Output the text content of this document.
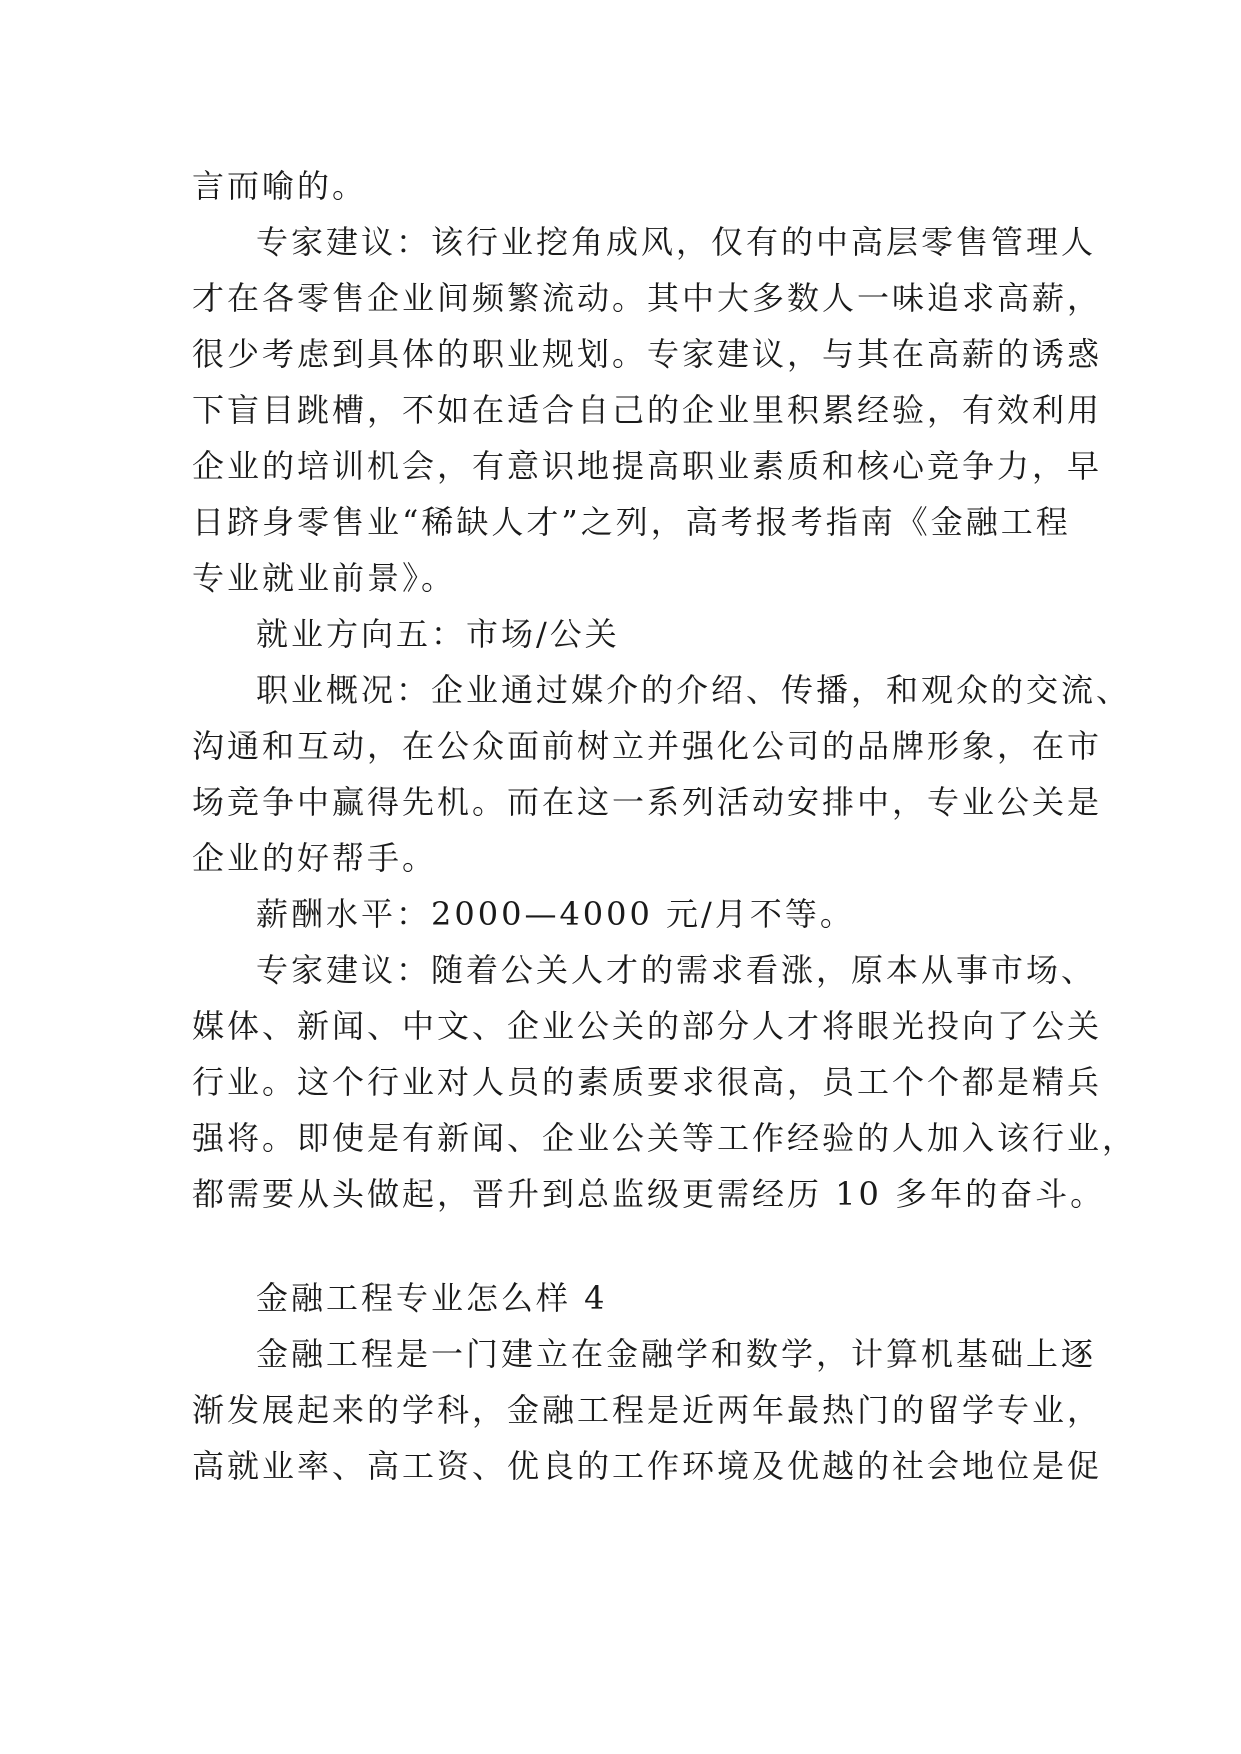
言而喻的。
专家建议：该行业挖角成风，仅有的中高层零售管理人
才在各零售企业间频繁流动。其中大多数人一味追求高薪，
很少考虑到具体的职业规划。专家建议，与其在高薪的诱惑
下盲目跳槽，不如在适合自己的企业里积累经验，有效利用
企业的培训机会，有意识地提高职业素质和核心竞争力，早
日跻身零售业“稀缺人才”之列，高考报考指南《金融工程
专业就业前景》。
就业方向五：市场/公关
职业概况：企业通过媒介的介绍、传播，和观众的交流、
沟通和互动，在公众面前树立并强化公司的品牌形象，在市
场竞争中赢得先机。而在这一系列活动安排中，专业公关是
企业的好帮手。
薪酬水平：2000—4000 元/月不等。
专家建议：随着公关人才的需求看涨，原本从事市场、
媒体、新闻、中文、企业公关的部分人才将眼光投向了公关
行业。这个行业对人员的素质要求很高，员工个个都是精兵
强将。即使是有新闻、企业公关等工作经验的人加入该行业，
都需要从头做起，晋升到总监级更需经历 10 多年的奋斗。
金融工程专业怎么样 4
金融工程是一门建立在金融学和数学，计算机基础上逐
渐发展起来的学科，金融工程是近两年最热门的留学专业，
高就业率、高工资、优良的工作环境及优越的社会地位是促
